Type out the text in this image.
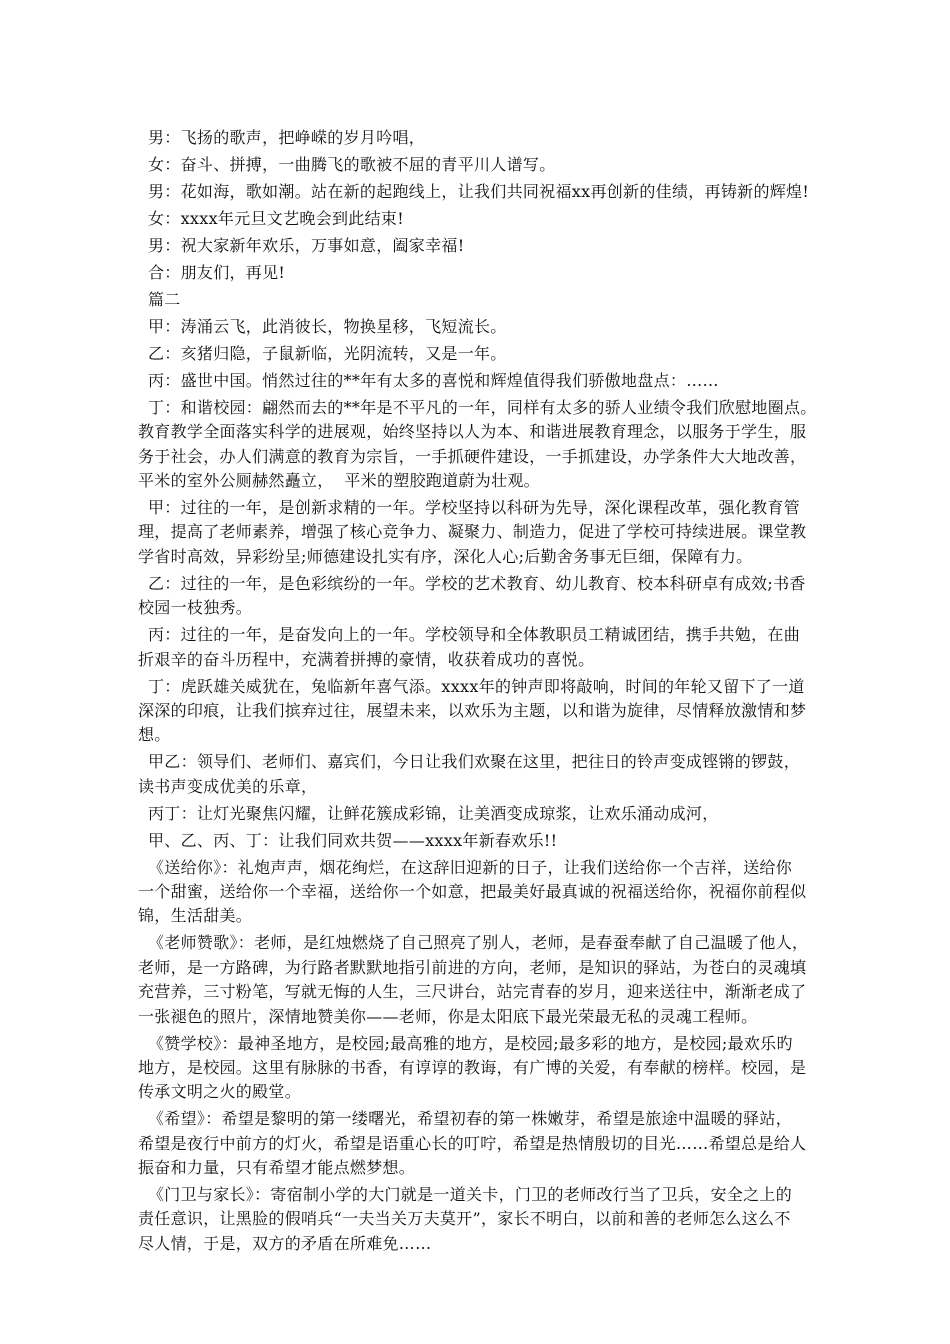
男：飞扬的歌声，把峥嵘的岁月吟唱，
女：奋斗、拼搏，一曲腾飞的歌被不屈的青平川人谱写。
男：花如海，歌如潮。站在新的起跑线上，让我们共同祝福xx再创新的佳绩，再铸新的辉煌!
女：xxxx年元旦文艺晚会到此结束!
男：祝大家新年欢乐，万事如意，阖家幸福!
合：朋友们，再见!
篇二
甲：涛涌云飞，此消彼长，物换星移，飞短流长。
乙：亥猪归隐，子鼠新临，光阴流转，又是一年。
丙：盛世中国。悄然过往的**年有太多的喜悦和辉煌值得我们骄傲地盘点：……
丁：和谐校园：翩然而去的**年是不平凡的一年，同样有太多的骄人业绩令我们欣慰地圈点。
教育教学全面落实科学的进展观，始终坚持以人为本、和谐进展教育理念，以服务于学生，服
务于社会，办人们满意的教育为宗旨，一手抓硬件建设，一手抓建设，办学条件大大地改善，
平米的室外公厕赫然矗立，  平米的塑胶跑道蔚为壮观。
甲：过往的一年，是创新求精的一年。学校坚持以科研为先导，深化课程改革，强化教育管
理，提高了老师素养，增强了核心竞争力、凝聚力、制造力，促进了学校可持续进展。课堂教
学省时高效，异彩纷呈;师德建设扎实有序，深化人心;后勤舍务事无巨细，保障有力。
乙：过往的一年，是色彩缤纷的一年。学校的艺术教育、幼儿教育、校本科研卓有成效;书香
校园一枝独秀。
丙：过往的一年，是奋发向上的一年。学校领导和全体教职员工精诚团结，携手共勉，在曲
折艰辛的奋斗历程中，充满着拼搏的豪情，收获着成功的喜悦。
丁：虎跃雄关威犹在，兔临新年喜气添。xxxx年的钟声即将敲响，时间的年轮又留下了一道
深深的印痕，让我们摈弃过往，展望未来，以欢乐为主题，以和谐为旋律，尽情释放激情和梦
想。
甲乙：领导们、老师们、嘉宾们，今日让我们欢聚在这里，把往日的铃声变成铿锵的锣鼓，
读书声变成优美的乐章，
丙丁：让灯光聚焦闪耀，让鲜花簇成彩锦，让美酒变成琼浆，让欢乐涌动成河，
甲、乙、丙、丁：让我们同欢共贺——xxxx年新春欢乐!!
《送给你》：礼炮声声，烟花绚烂，在这辞旧迎新的日子，让我们送给你一个吉祥，送给你
一个甜蜜，送给你一个幸福，送给你一个如意，把最美好最真诚的祝福送给你，祝福你前程似
锦，生活甜美。
《老师赞歌》：老师，是红烛燃烧了自己照亮了别人，老师，是春蚕奉献了自己温暖了他人，
老师，是一方路碑，为行路者默默地指引前进的方向，老师，是知识的驿站，为苍白的灵魂填
充营养，三寸粉笔，写就无悔的人生，三尺讲台，站完青春的岁月，迎来送往中，渐渐老成了
一张褪色的照片，深情地赞美你——老师，你是太阳底下最光荣最无私的灵魂工程师。
《赞学校》：最神圣地方，是校园;最高雅的地方，是校园;最多彩的地方，是校园;最欢乐旳
地方，是校园。这里有脉脉的书香，有谆谆的教诲，有广博的关爱，有奉献的榜样。校园，是
传承文明之火的殿堂。
《希望》：希望是黎明的第一缕曙光，希望初春的第一株嫩芽，希望是旅途中温暖的驿站，
希望是夜行中前方的灯火，希望是语重心长的叮咛，希望是热情殷切的目光……希望总是给人
振奋和力量，只有希望才能点燃梦想。
《门卫与家长》：寄宿制小学的大门就是一道关卡，门卫的老师改行当了卫兵，安全之上的
责任意识，让黑脸的假哨兵“一夫当关万夫莫开”，家长不明白，以前和善的老师怎么这么不
尽人情，于是，双方的矛盾在所难免……
